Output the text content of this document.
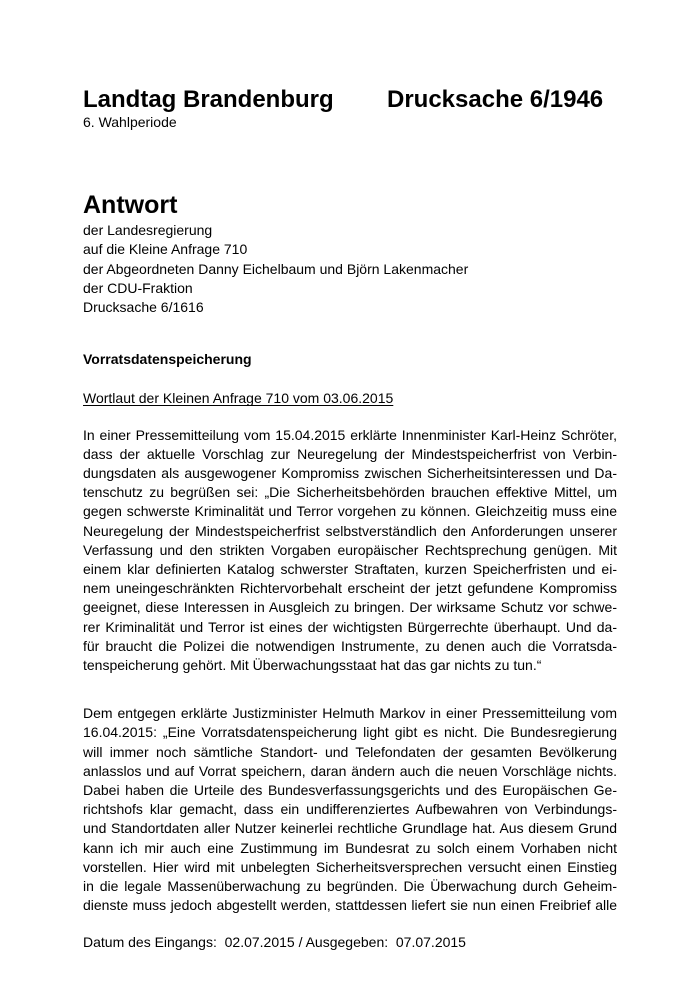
Landtag Brandenburg Drucksache 6/1946
6. Wahlperiode
Antwort
der Landesregierung
auf die Kleine Anfrage 710
der Abgeordneten Danny Eichelbaum und Björn Lakenmacher
der CDU-Fraktion
Drucksache 6/1616
Vorratsdatenspeicherung
Wortlaut der Kleinen Anfrage 710 vom 03.06.2015
In einer Pressemitteilung vom 15.04.2015 erklärte Innenminister Karl-Heinz Schröter,
dass der aktuelle Vorschlag zur Neuregelung der Mindestspeicherfrist von Verbin-
dungsdaten als ausgewogener Kompromiss zwischen Sicherheitsinteressen und Da-
tenschutz zu begrüßen sei: „Die Sicherheitsbehörden brauchen effektive Mittel, um
gegen schwerste Kriminalität und Terror vorgehen zu können. Gleichzeitig muss eine
Neuregelung der Mindestspeicherfrist selbstverständlich den Anforderungen unserer
Verfassung und den strikten Vorgaben europäischer Rechtsprechung genügen. Mit
einem klar definierten Katalog schwerster Straftaten, kurzen Speicherfristen und ei-
nem uneingeschränkten Richtervorbehalt erscheint der jetzt gefundene Kompromiss
geeignet, diese Interessen in Ausgleich zu bringen. Der wirksame Schutz vor schwe-
rer Kriminalität und Terror ist eines der wichtigsten Bürgerrechte überhaupt. Und da-
für braucht die Polizei die notwendigen Instrumente, zu denen auch die Vorratsda-
tenspeicherung gehört. Mit Überwachungsstaat hat das gar nichts zu tun.“
Dem entgegen erklärte Justizminister Helmuth Markov in einer Pressemitteilung vom
16.04.2015: „Eine Vorratsdatenspeicherung light gibt es nicht. Die Bundesregierung
will immer noch sämtliche Standort- und Telefondaten der gesamten Bevölkerung
anlasslos und auf Vorrat speichern, daran ändern auch die neuen Vorschläge nichts.
Dabei haben die Urteile des Bundesverfassungsgerichts und des Europäischen Ge-
richtshofs klar gemacht, dass ein undifferenziertes Aufbewahren von Verbindungs-
und Standortdaten aller Nutzer keinerlei rechtliche Grundlage hat. Aus diesem Grund
kann ich mir auch eine Zustimmung im Bundesrat zu solch einem Vorhaben nicht
vorstellen. Hier wird mit unbelegten Sicherheitsversprechen versucht einen Einstieg
in die legale Massenüberwachung zu begründen. Die Überwachung durch Geheim-
dienste muss jedoch abgestellt werden, stattdessen liefert sie nun einen Freibrief alle
Datum des Eingangs:  02.07.2015 / Ausgegeben:  07.07.2015
